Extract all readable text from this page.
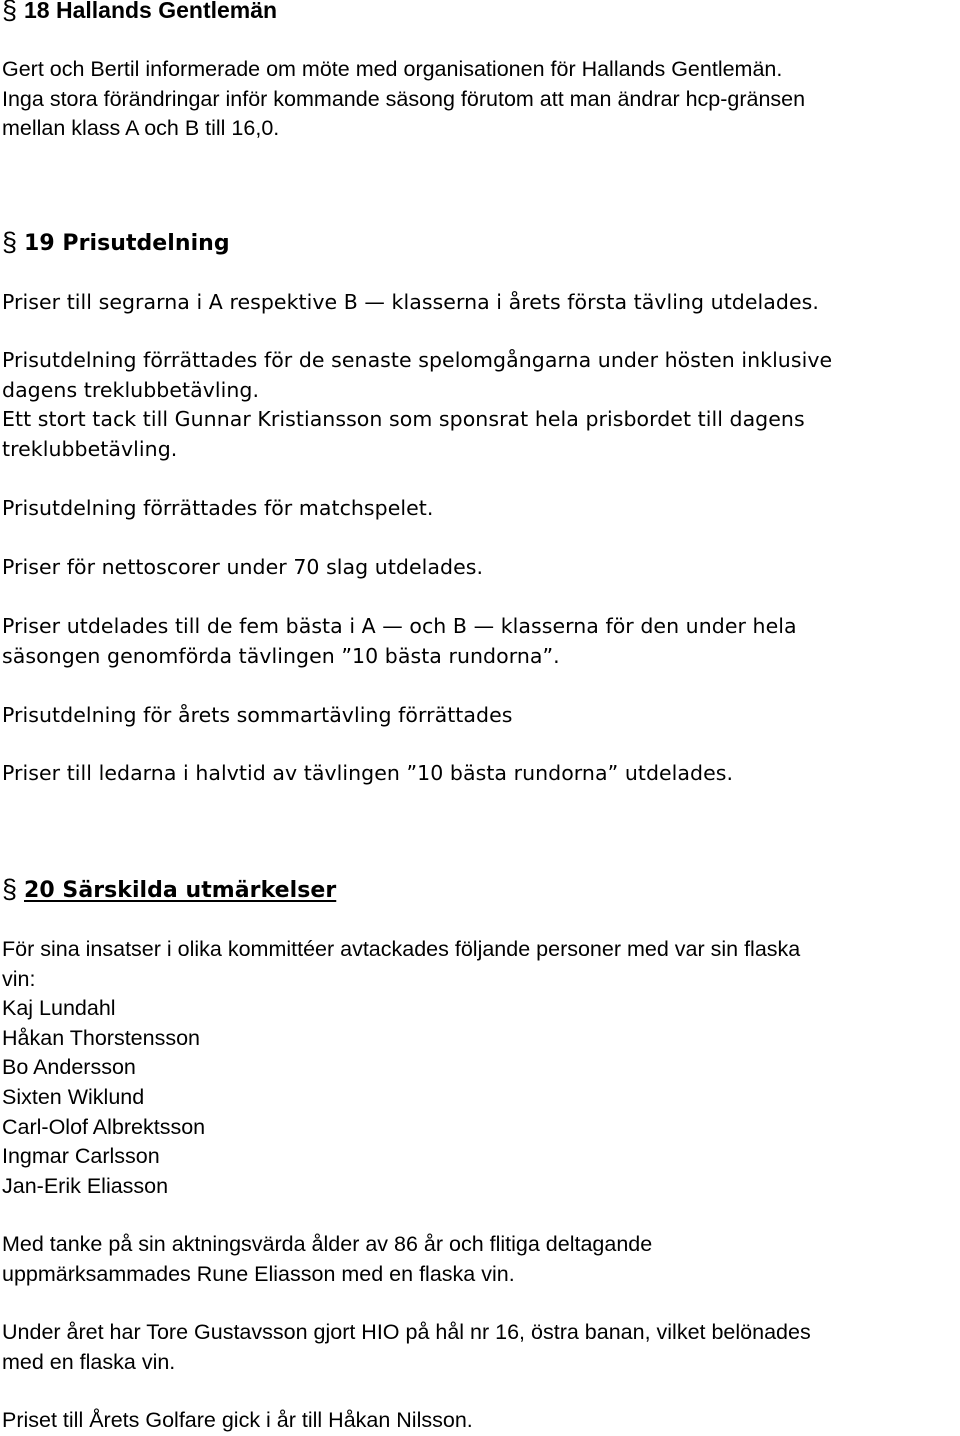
§ 18 Hallands Gentlemän
Gert och Bertil informerade om möte med organisationen för Hallands Gentlemän.
Inga stora förändringar inför kommande säsong förutom att man ändrar hcp-gränsen
mellan klass A och B till 16,0.
§ 19 Prisutdelning
Priser till segrarna i A respektive B — klasserna i årets första tävling utdelades.
Prisutdelning förrättades för de senaste spelomgångarna under hösten inklusive
dagens treklubbetävling.
Ett stort tack till Gunnar Kristiansson som sponsrat hela prisbordet till dagens
treklubbetävling.
Prisutdelning förrättades för matchspelet.
Priser för nettoscorer under 70 slag utdelades.
Priser utdelades till de fem bästa i A — och B — klasserna för den under hela
säsongen genomförda tävlingen ”10 bästa rundorna”.
Prisutdelning för årets sommartävling förrättades
Priser till ledarna i halvtid av tävlingen ”10 bästa rundorna” utdelades.
§ 20 Särskilda utmärkelser
För sina insatser i olika kommittéer avtackades följande personer med var sin flaska
vin:
Kaj Lundahl
Håkan Thorstensson
Bo Andersson
Sixten Wiklund
Carl-Olof Albrektsson
Ingmar Carlsson
Jan-Erik Eliasson
Med tanke på sin aktningsvärda ålder av 86 år och flitiga deltagande
uppmärksammades Rune Eliasson med en flaska vin.
Under året har Tore Gustavsson gjort HIO på hål nr 16, östra banan, vilket belönades
med en flaska vin.
Priset till Årets Golfare gick i år till Håkan Nilsson.
